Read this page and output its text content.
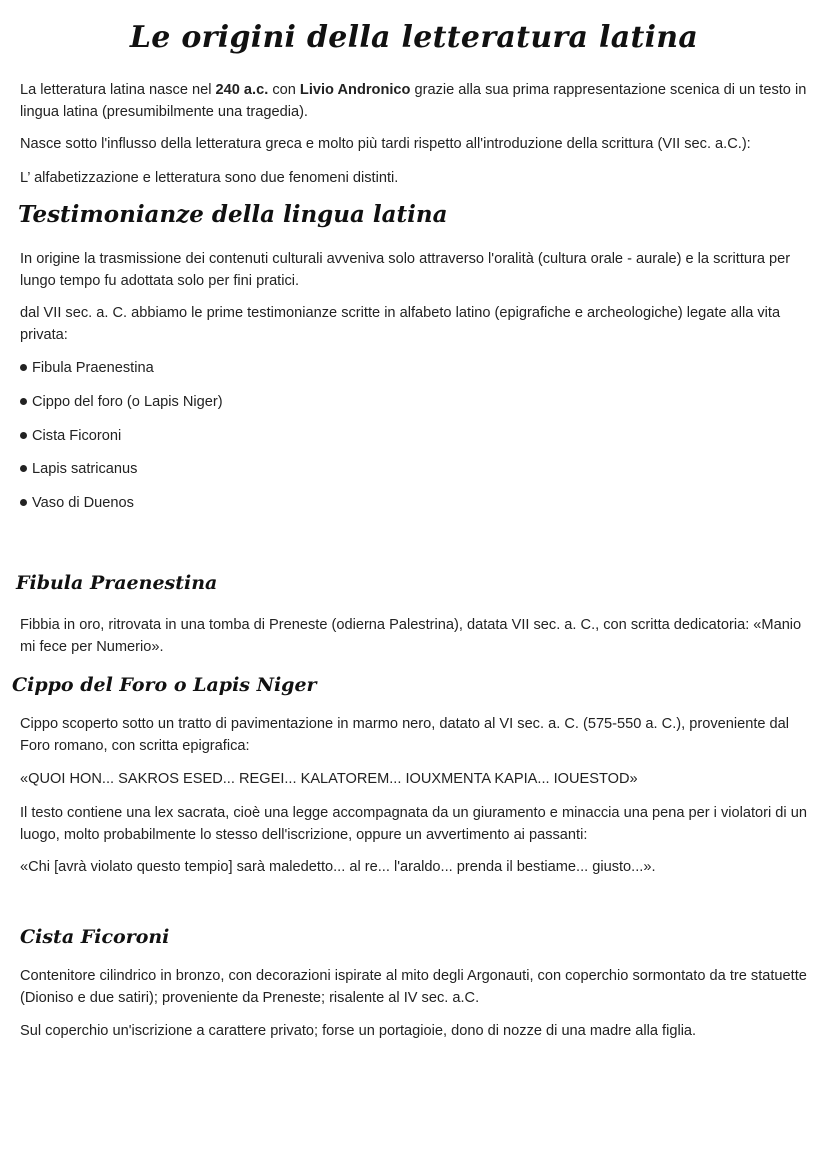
Le origini della letteratura latina
La letteratura latina nasce nel 240 a.c. con Livio Andronico grazie alla sua prima rappresentazione scenica di un testo in lingua latina (presumibilmente una tragedia).
Nasce sotto l'influsso della letteratura greca e molto più tardi rispetto all'introduzione della scrittura (VII sec. a.C.):
L’ alfabetizzazione e letteratura sono due fenomeni distinti.
Testimonianze della lingua latina
In origine la trasmissione dei contenuti culturali avveniva solo attraverso l'oralità (cultura orale - aurale) e la scrittura per lungo tempo fu adottata solo per fini pratici.
dal VII sec. a. C. abbiamo le prime testimonianze scritte in alfabeto latino (epigrafiche e archeologiche) legate alla vita privata:
Fibula Praenestina
Cippo del foro (o Lapis Niger)
Cista Ficoroni
Lapis satricanus
Vaso di Duenos
Fibula Praenestina
Fibbia in oro, ritrovata in una tomba di Preneste (odierna Palestrina), datata VII sec. a. C., con scritta dedicatoria: «Manio mi fece per Numerio».
Cippo del Foro o Lapis Niger
Cippo scoperto sotto un tratto di pavimentazione in marmo nero, datato al VI sec. a. C. (575-550 a. C.), proveniente dal Foro romano, con scritta epigrafica:
«QUOI HON... SAKROS ESED... REGEI... KALATOREM... IOUXMENTA KAPIA... IOUESTOD»
Il testo contiene una lex sacrata, cioè una legge accompagnata da un giuramento e minaccia una pena per i violatori di un luogo, molto probabilmente lo stesso dell'iscrizione, oppure un avvertimento ai passanti:
«Chi [avrà violato questo tempio] sarà maledetto... al re... l'araldo... prenda il bestiame... giusto...».
Cista Ficoroni
Contenitore cilindrico in bronzo, con decorazioni ispirate al mito degli Argonauti, con coperchio sormontato da tre statuette (Dioniso e due satiri); proveniente da Preneste; risalente al IV sec. a.C.
Sul coperchio un'iscrizione a carattere privato; forse un portagioie, dono di nozze di una madre alla figlia.
